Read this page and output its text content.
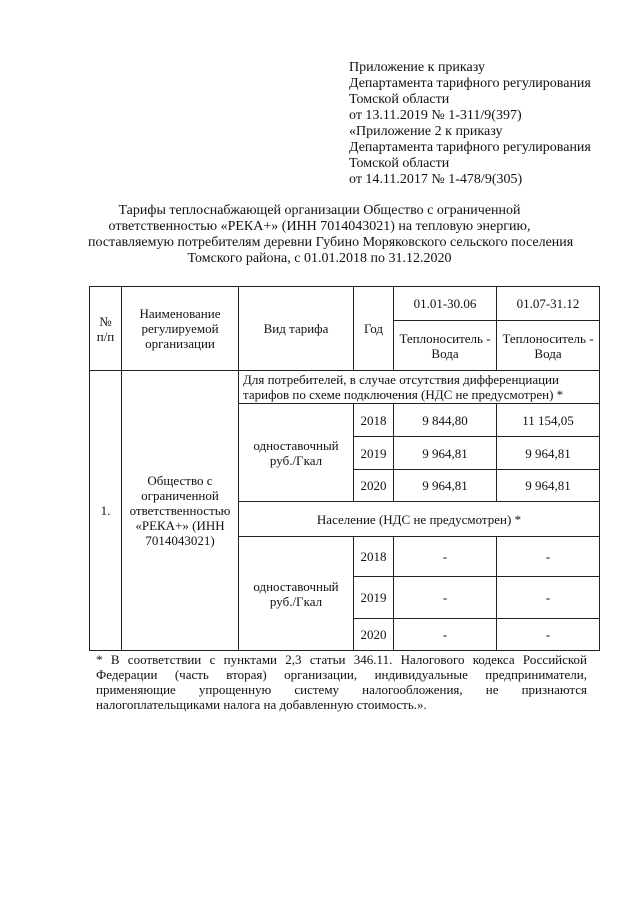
Приложение к приказу
Департамента тарифного регулирования
Томской области
от 13.11.2019 № 1-311/9(397)
«Приложение 2 к приказу
Департамента тарифного регулирования
Томской области
от 14.11.2017 № 1-478/9(305)
Тарифы теплоснабжающей организации Общество с ограниченной
ответственностью «РЕКА+» (ИНН 7014043021) на тепловую энергию,
поставляемую потребителям деревни Губино Моряковского сельского поселения
Томского района, с 01.01.2018 по 31.12.2020
№ п/п	Наименование регулируемой организации	Вид тарифа	Год	01.01-30.06	01.07-31.12
				Теплоноситель - Вода	Теплоноситель - Вода
1.	Общество с ограниченной ответственностью «РЕКА+» (ИНН 7014043021)	Для потребителей, в случае отсутствия дифференциации тарифов по схеме подключения (НДС не предусмотрен) *			
		одноставочный руб./Гкал	2018	9 844,80	11 154,05
			2019	9 964,81	9 964,81
			2020	9 964,81	9 964,81
		Население (НДС не предусмотрен) *			
		одноставочный руб./Гкал	2018	-	-
			2019	-	-
			2020	-	-
* В соответствии с пунктами 2,3 статьи 346.11. Налогового кодекса Российской
Федерации (часть вторая) организации, индивидуальные предприниматели,
применяющие упрощенную систему налогообложения, не признаются
налогоплательщиками налога на добавленную стоимость.».
